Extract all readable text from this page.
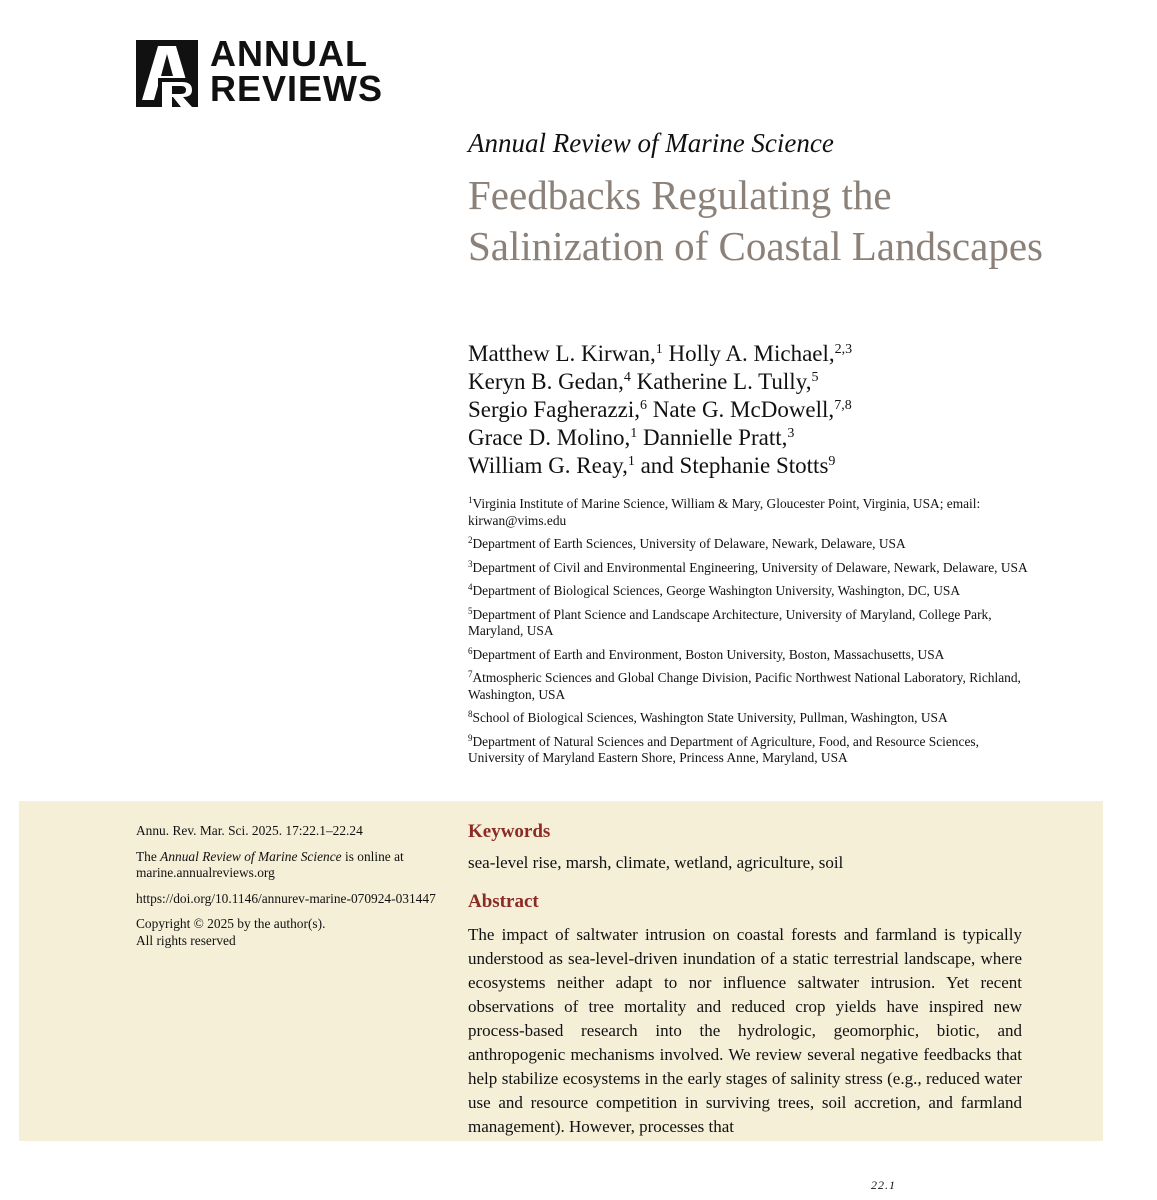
ANNUAL
REVIEWS
Annual Review of Marine Science
Feedbacks Regulating the Salinization of Coastal Landscapes
Matthew L. Kirwan,$^1$ Holly A. Michael,$^{2,3}$
Keryn B. Gedan,$^4$ Katherine L. Tully,$^5$
Sergio Fagherazzi,$^6$ Nate G. McDowell,$^{7,8}$
Grace D. Molino,$^1$ Dannielle Pratt,$^3$
William G. Reay,$^1$ and Stephanie Stotts$^9$
$^1$Virginia Institute of Marine Science, William & Mary, Gloucester Point, Virginia, USA; email: kirwan@vims.edu
$^2$Department of Earth Sciences, University of Delaware, Newark, Delaware, USA
$^3$Department of Civil and Environmental Engineering, University of Delaware, Newark, Delaware, USA
$^4$Department of Biological Sciences, George Washington University, Washington, DC, USA
$^5$Department of Plant Science and Landscape Architecture, University of Maryland, College Park, Maryland, USA
$^6$Department of Earth and Environment, Boston University, Boston, Massachusetts, USA
$^7$Atmospheric Sciences and Global Change Division, Pacific Northwest National Laboratory, Richland, Washington, USA
$^8$School of Biological Sciences, Washington State University, Pullman, Washington, USA
$^9$Department of Natural Sciences and Department of Agriculture, Food, and Resource Sciences, University of Maryland Eastern Shore, Princess Anne, Maryland, USA

Annu. Rev. Mar. Sci. 2025. 17:22.1–22.24

The Annual Review of Marine Science is online at marine.annualreviews.org

https://doi.org/10.1146/annurev-marine-070924-031447

Copyright © 2025 by the author(s).
All rights reserved

Keywords
sea-level rise, marsh, climate, wetland, agriculture, soil
Abstract

The impact of saltwater intrusion on coastal forests and farmland is typically understood as sea-level-driven inundation of a static terrestrial landscape, where ecosystems neither adapt to nor influence saltwater intrusion. Yet recent observations of tree mortality and reduced crop yields have inspired new process-based research into the hydrologic, geomorphic, biotic, and anthropogenic mechanisms involved. We review several negative feedbacks that help stabilize ecosystems in the early stages of salinity stress (e.g., reduced water use and resource competition in surviving trees, soil accretion, and farmland management). However, processes that

22.1
